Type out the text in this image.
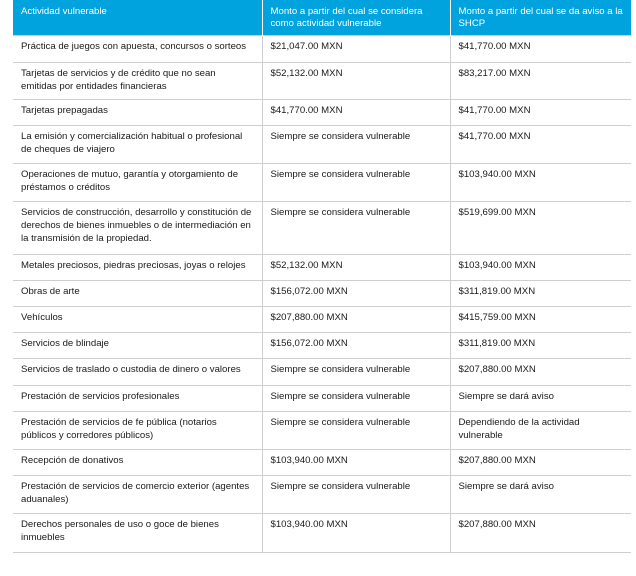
Actividad vulnerable	Monto a partir del cual se considera como actividad vulnerable	Monto a partir del cual se da aviso a la SHCP
Práctica de juegos con apuesta, concursos o sorteos	$21,047.00 MXN	$41,770.00 MXN
Tarjetas de servicios y de crédito que no sean emitidas por entidades financieras	$52,132.00 MXN	$83,217.00 MXN
Tarjetas prepagadas	$41,770.00 MXN	$41,770.00 MXN
La emisión y comercialización habitual o profesional de cheques de viajero	Siempre se considera vulnerable	$41,770.00 MXN
Operaciones de mutuo, garantía y otorgamiento de préstamos o créditos	Siempre se considera vulnerable	$103,940.00 MXN
Servicios de construcción, desarrollo y constitución de derechos de bienes inmuebles o de intermediación en la transmisión de la propiedad.	Siempre se considera vulnerable	$519,699.00 MXN
Metales preciosos, piedras preciosas, joyas o relojes	$52,132.00 MXN	$103,940.00 MXN
Obras de arte	$156,072.00 MXN	$311,819.00 MXN
Vehículos	$207,880.00 MXN	$415,759.00 MXN
Servicios de blindaje	$156,072.00 MXN	$311,819.00 MXN
Servicios de traslado o custodia de dinero o valores	Siempre se considera vulnerable	$207,880.00 MXN
Prestación de servicios profesionales	Siempre se considera vulnerable	Siempre se dará aviso
Prestación de servicios de fe pública (notarios públicos y corredores públicos)	Siempre se considera vulnerable	Dependiendo de la actividad vulnerable
Recepción de donativos	$103,940.00 MXN	$207,880.00 MXN
Prestación de servicios de comercio exterior (agentes aduanales)	Siempre se considera vulnerable	Siempre se dará aviso
Derechos personales de uso o goce de bienes inmuebles	$103,940.00 MXN	$207,880.00 MXN
